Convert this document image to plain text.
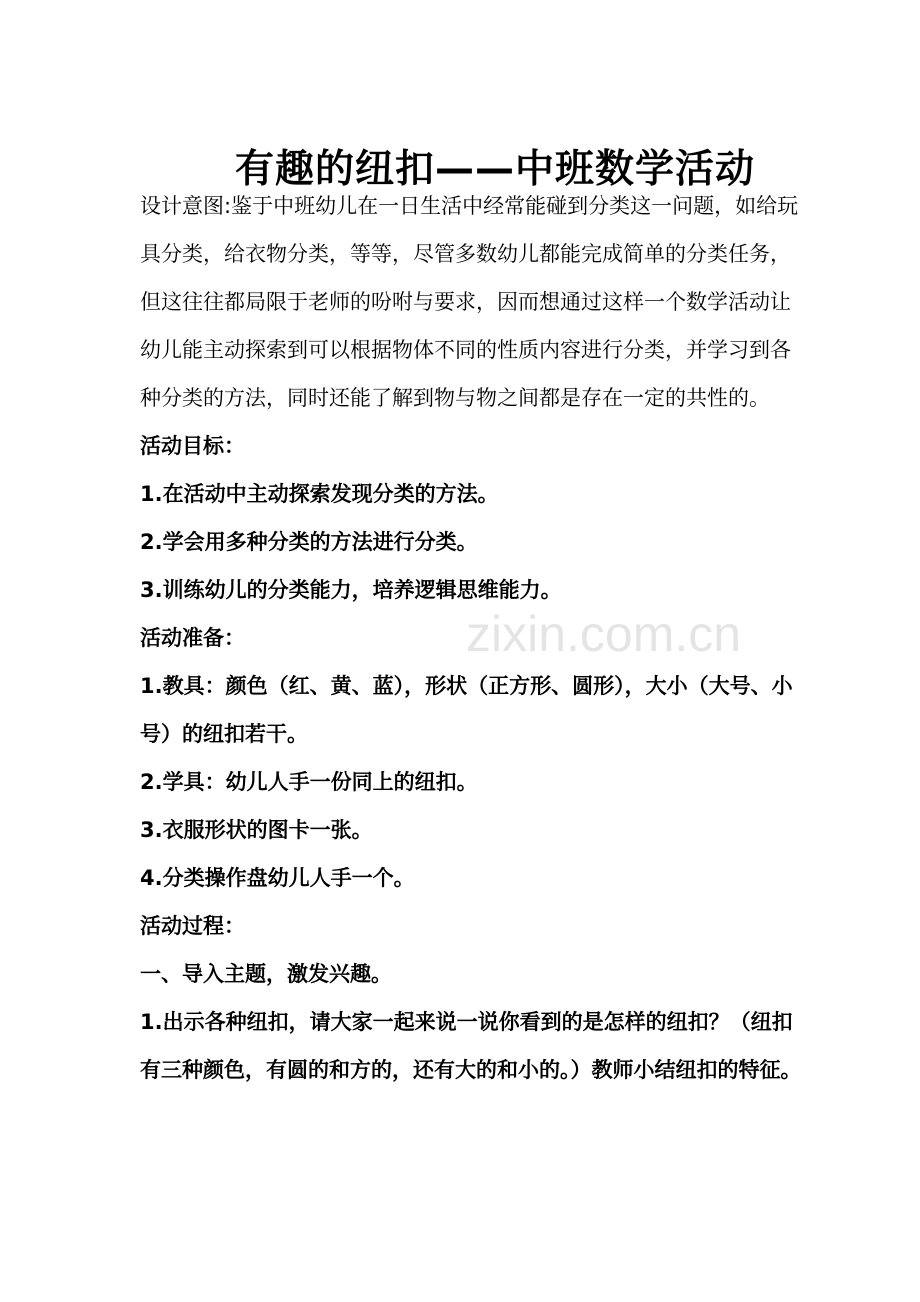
有趣的纽扣——中班数学活动

设计意图:鉴于中班幼儿在一日生活中经常能碰到分类这一问题，如给玩具分类，给衣物分类，等等，尽管多数幼儿都能完成简单的分类任务，但这往往都局限于老师的吩咐与要求，因而想通过这样一个数学活动让幼儿能主动探索到可以根据物体不同的性质内容进行分类，并学习到各种分类的方法，同时还能了解到物与物之间都是存在一定的共性的。

活动目标：

1.在活动中主动探索发现分类的方法。

2.学会用多种分类的方法进行分类。

3.训练幼儿的分类能力，培养逻辑思维能力。

活动准备：

1.教具：颜色（红、黄、蓝），形状（正方形、圆形），大小（大号、小号）的纽扣若干。

2.学具：幼儿人手一份同上的纽扣。

3.衣服形状的图卡一张。

4.分类操作盘幼儿人手一个。

活动过程：

一、导入主题，激发兴趣。

1.出示各种纽扣，请大家一起来说一说你看到的是怎样的纽扣？（纽扣有三种颜色，有圆的和方的，还有大的和小的。）教师小结纽扣的特征。

zixin.com.cn
